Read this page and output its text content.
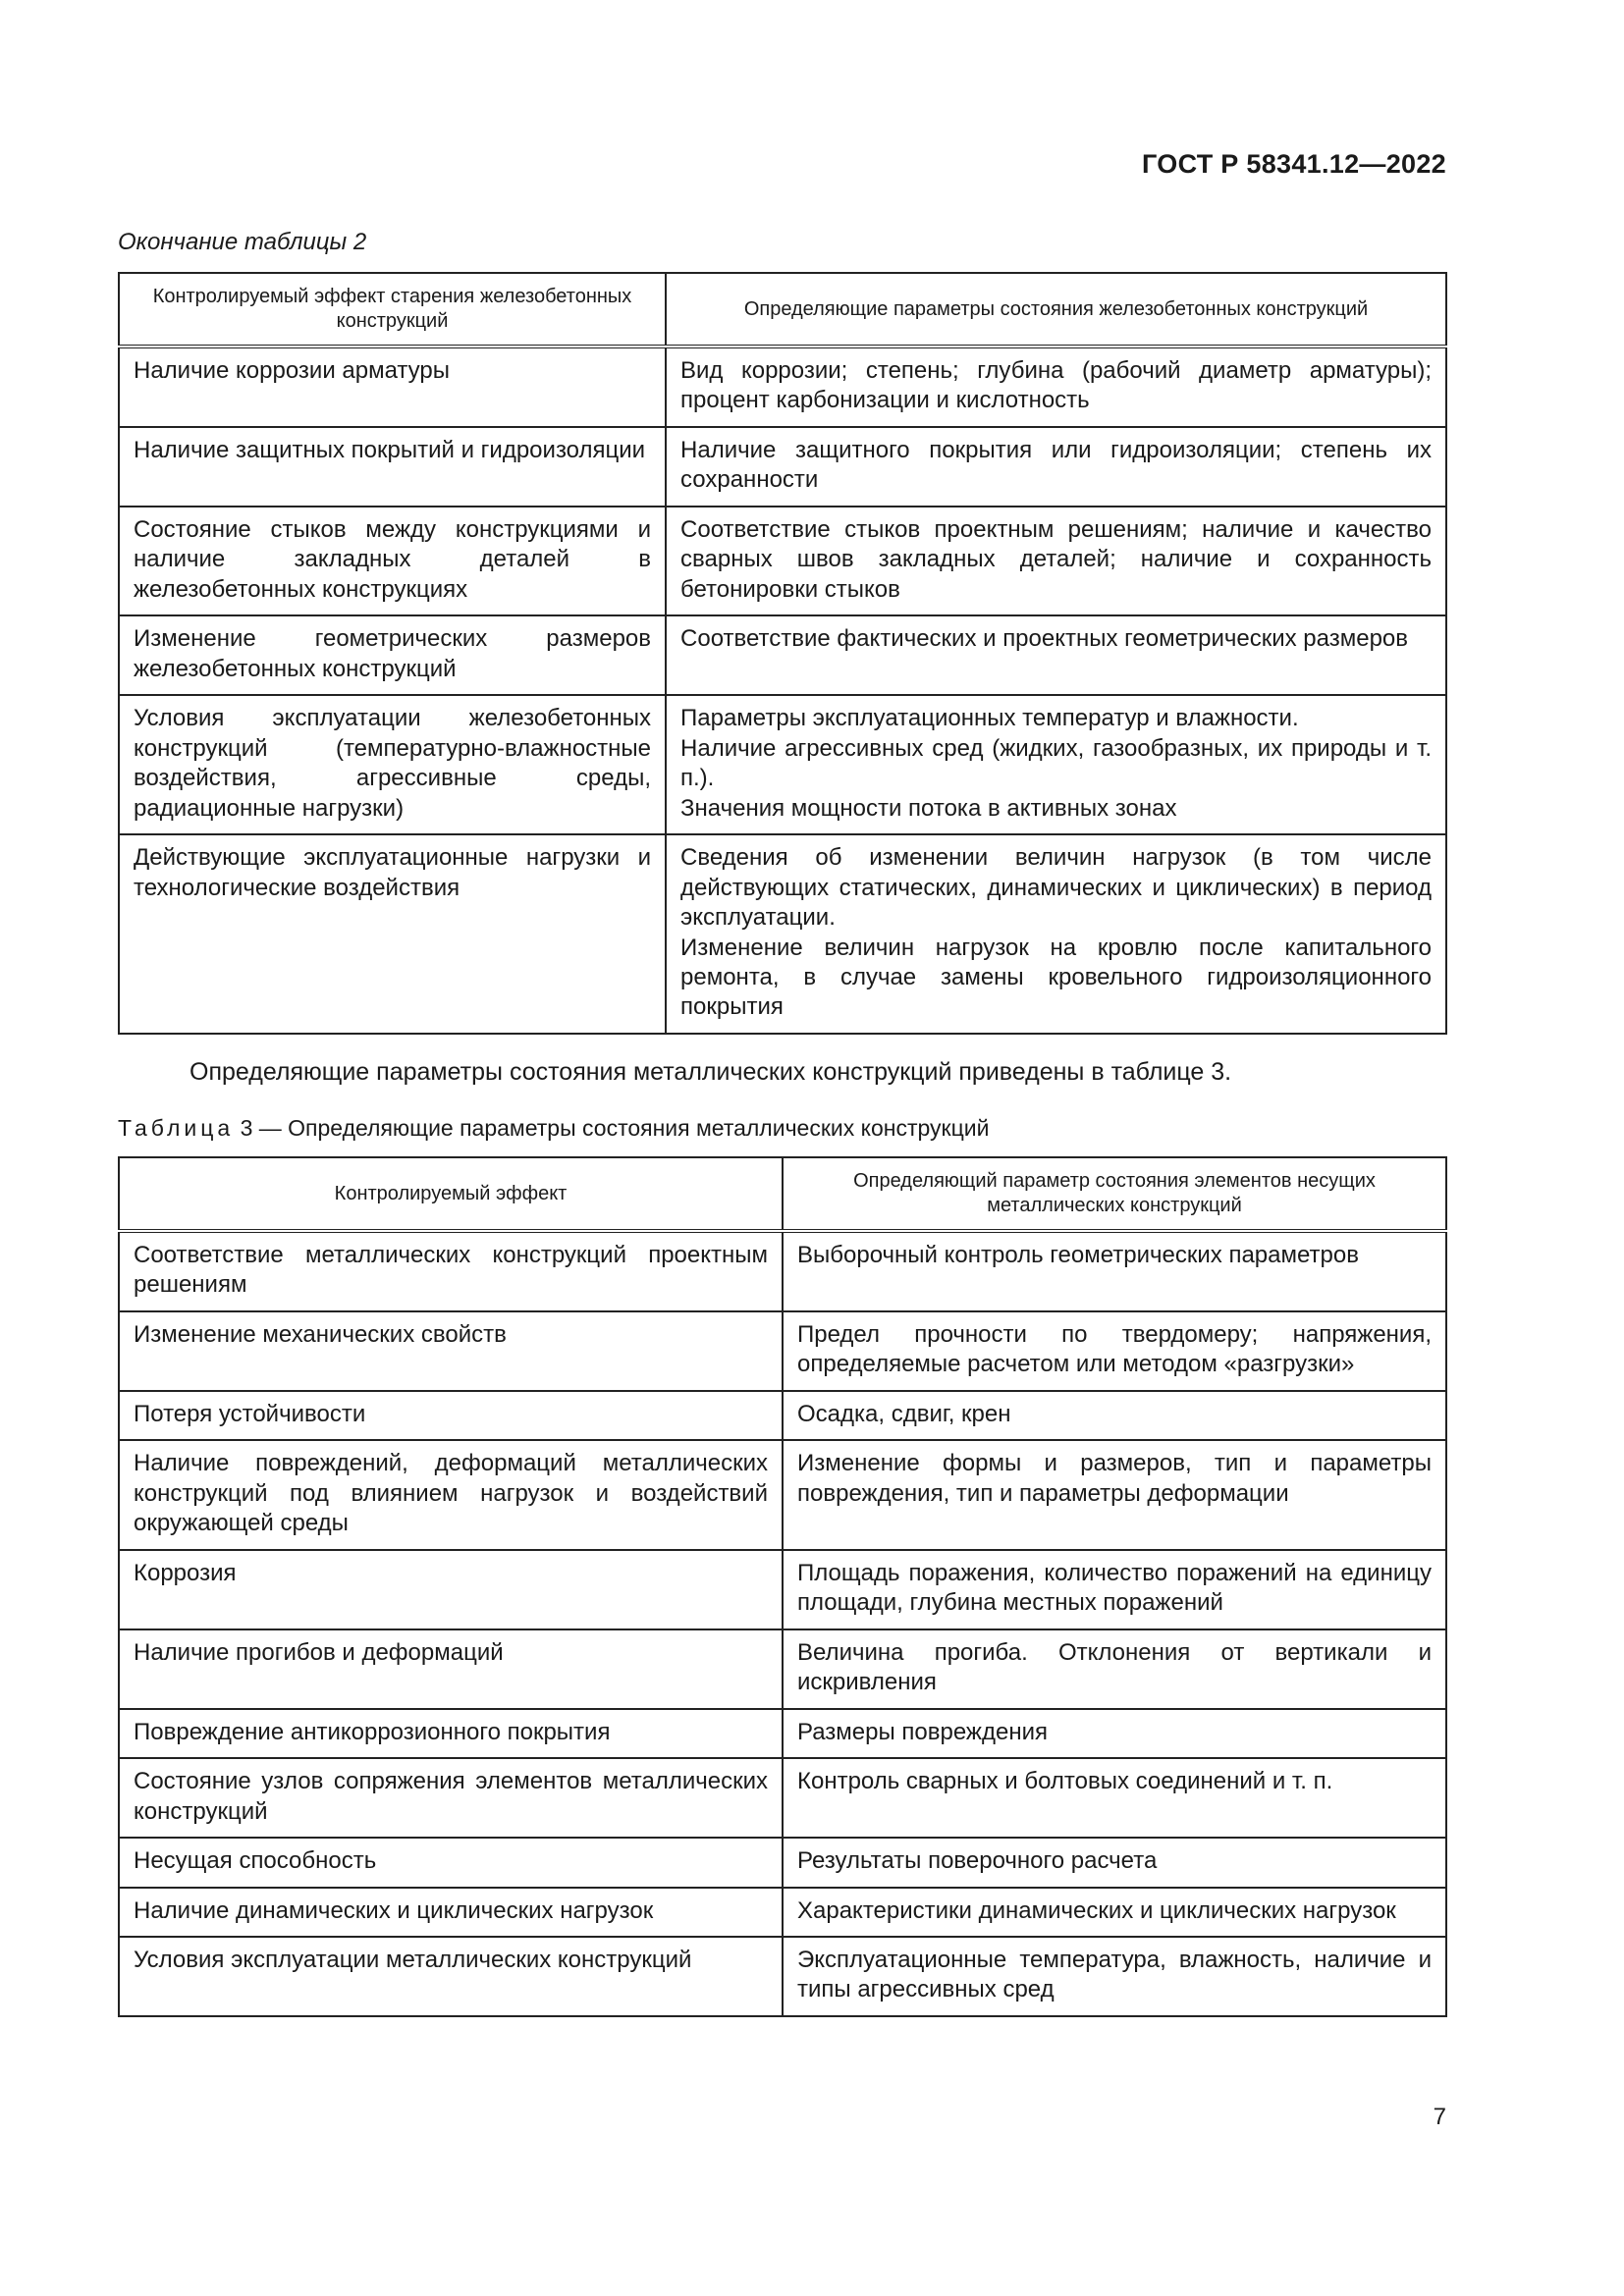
ГОСТ Р 58341.12—2022
Окончание таблицы 2
Контролируемый эффект старения железобетонных конструкций	Определяющие параметры состояния железобетонных конструкций
Наличие коррозии арматуры	Вид коррозии; степень; глубина (рабочий диаметр арматуры); процент карбонизации и кислотность

Наличие защитных покрытий и гидроизоляции	Наличие защитного покрытия или гидроизоляции; степень их сохранности

Состояние стыков между конструкциями и наличие закладных деталей в железобетонных конструкциях	Соответствие стыков проектным решениям; наличие и качество сварных швов закладных деталей; наличие и сохранность бетонировки стыков

Изменение геометрических размеров железобетонных конструкций	Соответствие фактических и проектных геометрических размеров

Условия эксплуатации железобетонных конструкций (температурно-влажностные воздействия, агрессивные среды, радиационные нагрузки)	Параметры эксплуатационных температур и влажности.
Наличие агрессивных сред (жидких, газообразных, их природы и т. п.).
Значения мощности потока в активных зонах

Действующие эксплуатационные нагрузки и технологические воздействия	Сведения об изменении величин нагрузок (в том числе действующих статических, динамических и циклических) в период эксплуатации.
Изменение величин нагрузок на кровлю после капитального ремонта, в случае замены кровельного гидроизоляционного покрытия
Определяющие параметры состояния металлических конструкций приведены в таблице 3.
Таблица 3 — Определяющие параметры состояния металлических конструкций
Контролируемый эффект	Определяющий параметр состояния элементов несущих металлических конструкций
Соответствие металлических конструкций проектным решениям	Выборочный контроль геометрических параметров
Изменение механических свойств	Предел прочности по твердомеру; напряжения, определяемые расчетом или методом «разгрузки»
Потеря устойчивости	Осадка, сдвиг, крен
Наличие повреждений, деформаций металлических конструкций под влиянием нагрузок и воздействий окружающей среды	Изменение формы и размеров, тип и параметры повреждения, тип и параметры деформации
Коррозия	Площадь поражения, количество поражений на единицу площади, глубина местных поражений
Наличие прогибов и деформаций	Величина прогиба. Отклонения от вертикали и искривления
Повреждение антикоррозионного покрытия	Размеры повреждения
Состояние узлов сопряжения элементов металлических конструкций	Контроль сварных и болтовых соединений и т. п.
Несущая способность	Результаты поверочного расчета
Наличие динамических и циклических нагрузок	Характеристики динамических и циклических нагрузок
Условия эксплуатации металлических конструкций	Эксплуатационные температура, влажность, наличие и типы агрессивных сред
7
